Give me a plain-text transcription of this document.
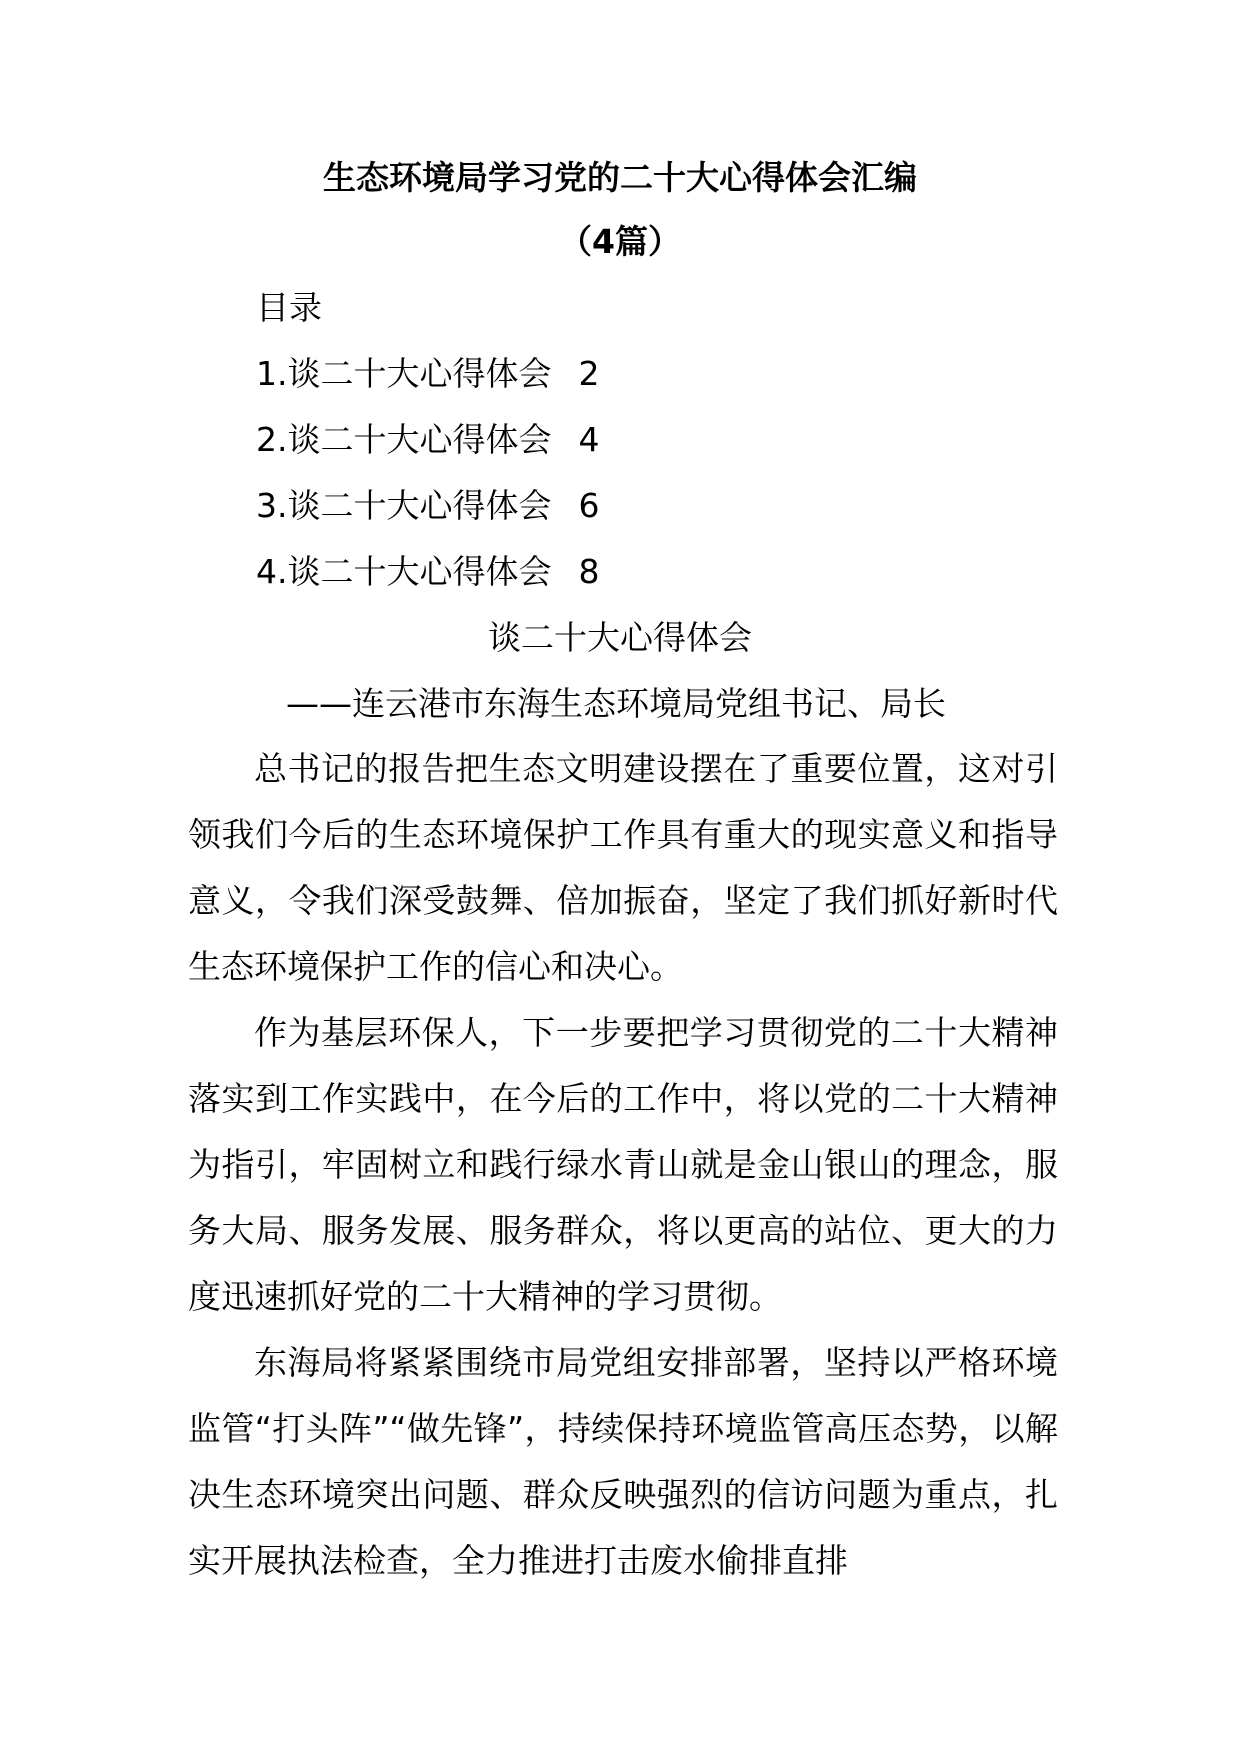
生态环境局学习党的二十大心得体会汇编
（4篇）
目录
1.谈二十大心得体会 2
2.谈二十大心得体会 4
3.谈二十大心得体会 6
4.谈二十大心得体会 8
谈二十大心得体会
——连云港市东海生态环境局党组书记、局长

总书记的报告把生态文明建设摆在了重要位置，这对引领我们今后的生态环境保护工作具有重大的现实意义和指导意义，令我们深受鼓舞、倍加振奋，坚定了我们抓好新时代生态环境保护工作的信心和决心。

作为基层环保人，下一步要把学习贯彻党的二十大精神落实到工作实践中，在今后的工作中，将以党的二十大精神为指引，牢固树立和践行绿水青山就是金山银山的理念，服务大局、服务发展、服务群众，将以更高的站位、更大的力度迅速抓好党的二十大精神的学习贯彻。

东海局将紧紧围绕市局党组安排部署，坚持以严格环境监管“打头阵”“做先锋”，持续保持环境监管高压态势，以解决生态环境突出问题、群众反映强烈的信访问题为重点，扎实开展执法检查，全力推进打击废水偷排直排
